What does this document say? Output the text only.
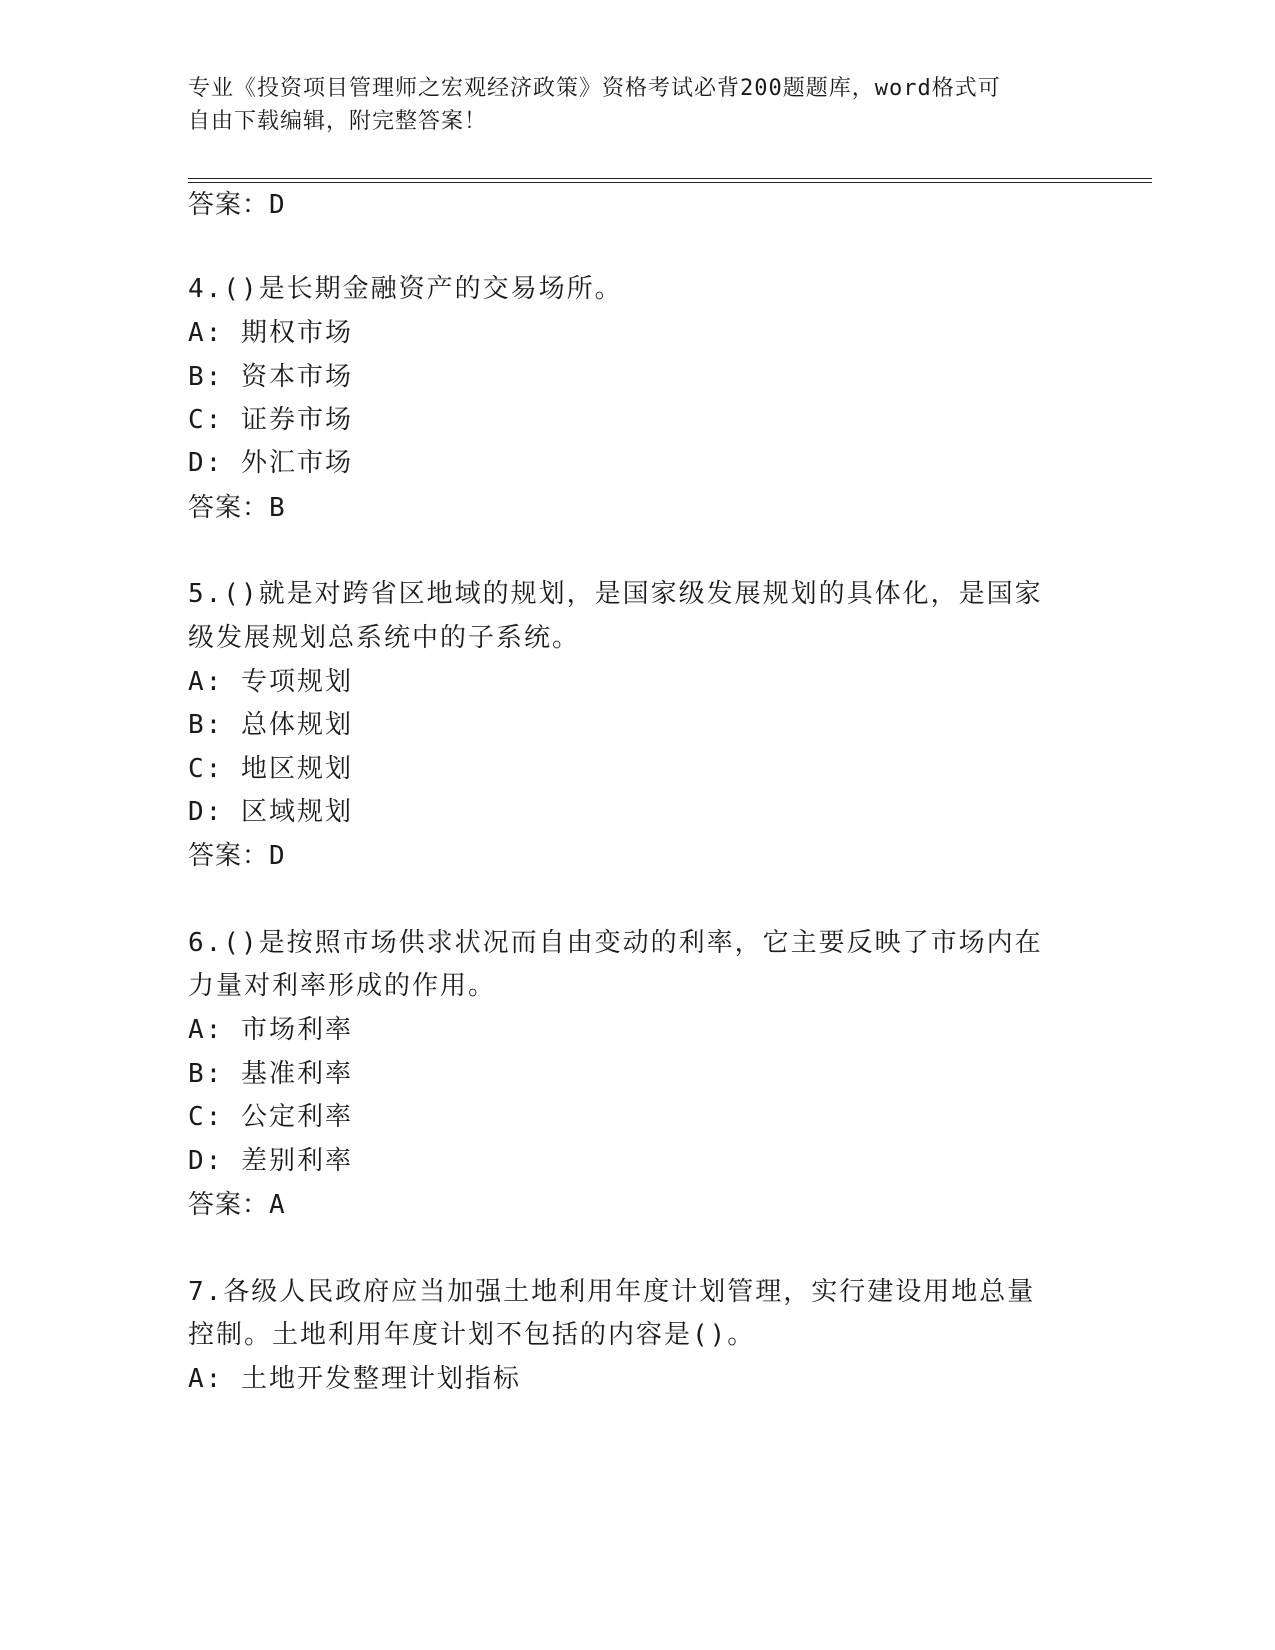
专业《投资项目管理师之宏观经济政策》资格考试必背200题题库，word格式可
自由下载编辑，附完整答案！
答案：D
4.()是长期金融资产的交易场所。
A: 期权市场
B: 资本市场
C: 证券市场
D: 外汇市场
答案：B
5.()就是对跨省区地域的规划，是国家级发展规划的具体化，是国家
级发展规划总系统中的子系统。
A: 专项规划
B: 总体规划
C: 地区规划
D: 区域规划
答案：D
6.()是按照市场供求状况而自由变动的利率，它主要反映了市场内在
力量对利率形成的作用。
A: 市场利率
B: 基准利率
C: 公定利率
D: 差别利率
答案：A
7.各级人民政府应当加强土地利用年度计划管理，实行建设用地总量
控制。土地利用年度计划不包括的内容是()。
A: 土地开发整理计划指标
